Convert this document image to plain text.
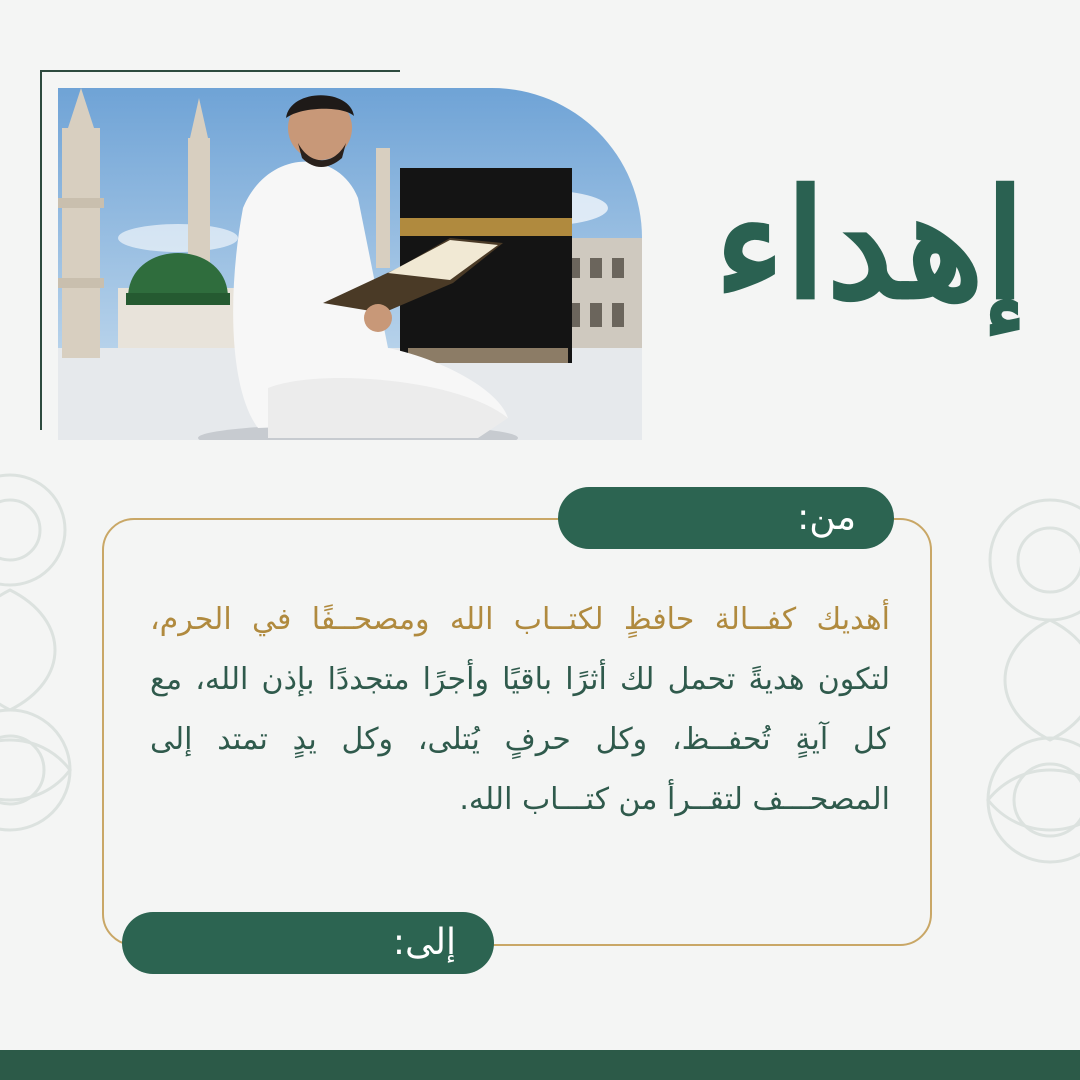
إهداء
من:

أهديك كفــالة حافظٍ لكتــاب الله ومصحــفًا في الحرم، لتكون هديةً تحمل لك أثرًا باقيًا وأجرًا متجددًا بإذن الله، مع كل آيةٍ تُحفــظ، وكل حرفٍ يُتلى، وكل يدٍ تمتد إلى المصحـــف لتقــرأ من كتـــاب الله.

إلى:
